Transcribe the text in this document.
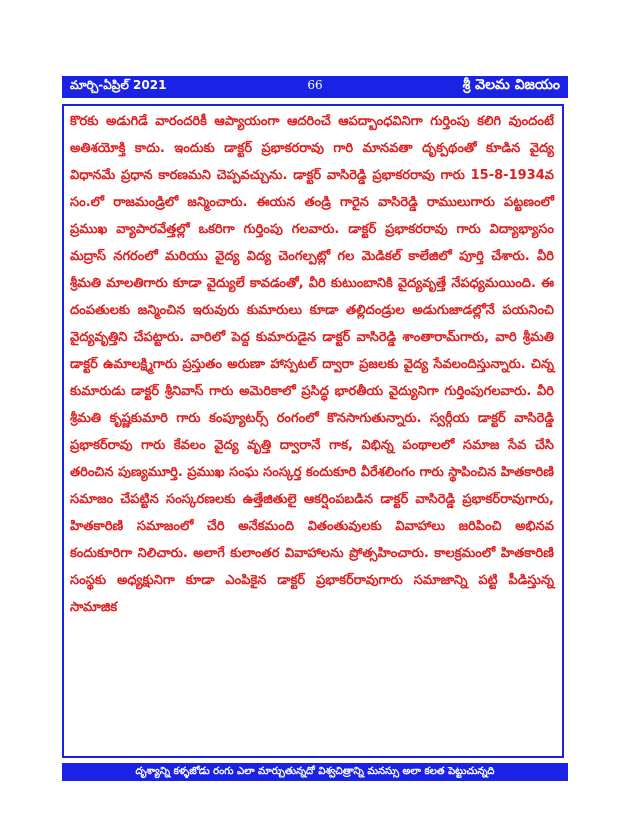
మార్చి-ఏప్రిల్ 2021	66	శ్రీ వెలమ విజయం

కొరకు అడుగిడే వారందరికీ ఆప్యాయంగా ఆదరించే ఆపద్బాంధవినిగా గుర్తింపు కలిగి వుందంటే అతిశయోక్తి కాదు. ఇందుకు డాక్టర్ ప్రభాకరరావు గారి మానవతా దృక్పథంతో కూడిన వైద్య విధానమే ప్రధాన కారణమని చెప్పవచ్చును. డాక్టర్ వాసిరెడ్డి ప్రభాకరరావు గారు 15-8-1934వ సం.లో రాజమండ్రిలో జన్మించారు. ఈయన తండ్రి గారైన వాసిరెడ్డి రాములుగారు పట్టణంలో ప్రముఖ వ్యాపారవేత్తల్లో ఒకరిగా గుర్తింపు గలవారు. డాక్టర్ ప్రభాకరరావు గారు విద్యాభ్యాసం మద్రాస్ నగరంలో మరియు వైద్య విద్య చెంగల్పట్లో గల మెడికల్ కాలేజిలో పూర్తి చేశారు. వీరి శ్రీమతి మాలతిగారు కూడా వైద్యులే కావడంతో, వీరి కుటుంబానికి వైద్యవృత్తే నేపధ్యమయింది. ఈ దంపతులకు జన్మించిన ఇరువురు కుమారులు కూడా తల్లిదండ్రుల అడుగుజాడల్లోనే పయనించి వైద్యవృత్తిని చేపట్టారు. వారిలో పెద్ద కుమారుడైన డాక్టర్ వాసిరెడ్డి శాంతారామ్‌గారు, వారి శ్రీమతి డాక్టర్ ఉమాలక్ష్మిగారు ప్రస్తుతం అరుణా హాస్పటల్ ద్వారా ప్రజలకు వైద్య సేవలందిస్తున్నారు. చిన్న కుమారుడు డాక్టర్ శ్రీనివాస్ గారు అమెరికాలో ప్రసిద్ధ భారతీయ వైద్యునిగా గుర్తింపుగలవారు. వీరి శ్రీమతి కృష్ణకుమారి గారు కంప్యూటర్స్ రంగంలో కొనసాగుతున్నారు. స్వర్గీయ డాక్టర్ వాసిరెడ్డి ప్రభాకర్‌రావు గారు కేవలం వైద్య వృత్తి ద్వారానే గాక, విభిన్న పంథాలలో సమాజ సేవ చేసి తరించిన పుణ్యమూర్తి. ప్రముఖ సంఘ సంస్కర్త కందుకూరి వీరేశలింగం గారు స్థాపించిన హితకారిణి సమాజం చేపట్టిన సంస్కరణలకు ఉత్తేజితులై ఆకర్షింపబడిన డాక్టర్ వాసిరెడ్డి ప్రభాకర్‌రావుగారు, హితకారిణి సమాజంలో చేరి అనేకమంది వితంతువులకు వివాహాలు జరిపించి అభినవ కందుకూరిగా నిలిచారు. అలాగే కులాంతర వివాహాలను ప్రోత్సహించారు. కాలక్రమంలో హితకారిణి సంస్థకు అధ్యక్షునిగా కూడా ఎంపికైన డాక్టర్ ప్రభాకర్‌రావుగారు సమాజాన్ని పట్టి పీడిస్తున్న సామాజిక

దృశ్యాన్ని కళ్ళజోడు రంగు ఎలా మార్చుతున్నదో విశ్వచిత్రాన్ని మనస్సు అలా కలత పెట్టుచున్నది
